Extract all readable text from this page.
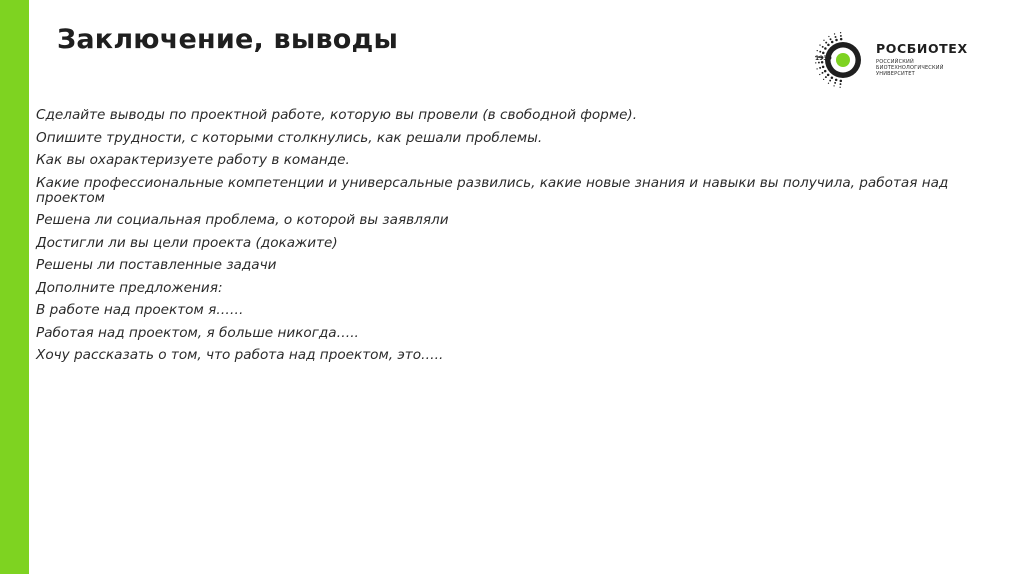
Заключение, выводы
1930
РОСБИОТЕХ
РОССИЙСКИЙ
БИОТЕХНОЛОГИЧЕСКИЙ
УНИВЕРСИТЕТ
Сделайте выводы по проектной работе, которую вы провели (в свободной форме).
Опишите трудности, с которыми столкнулись, как решали проблемы.
Как вы охарактеризуете работу в команде.
Какие профессиональные компетенции и универсальные развились, какие новые знания и навыки вы получила, работая над проектом
Решена ли социальная проблема, о которой вы заявляли
Достигли ли вы цели проекта (докажите)
Решены ли поставленные задачи
Дополните предложения:
В работе над проектом я……
Работая над проектом, я больше никогда…..
Хочу рассказать о том, что работа над проектом, это…..
